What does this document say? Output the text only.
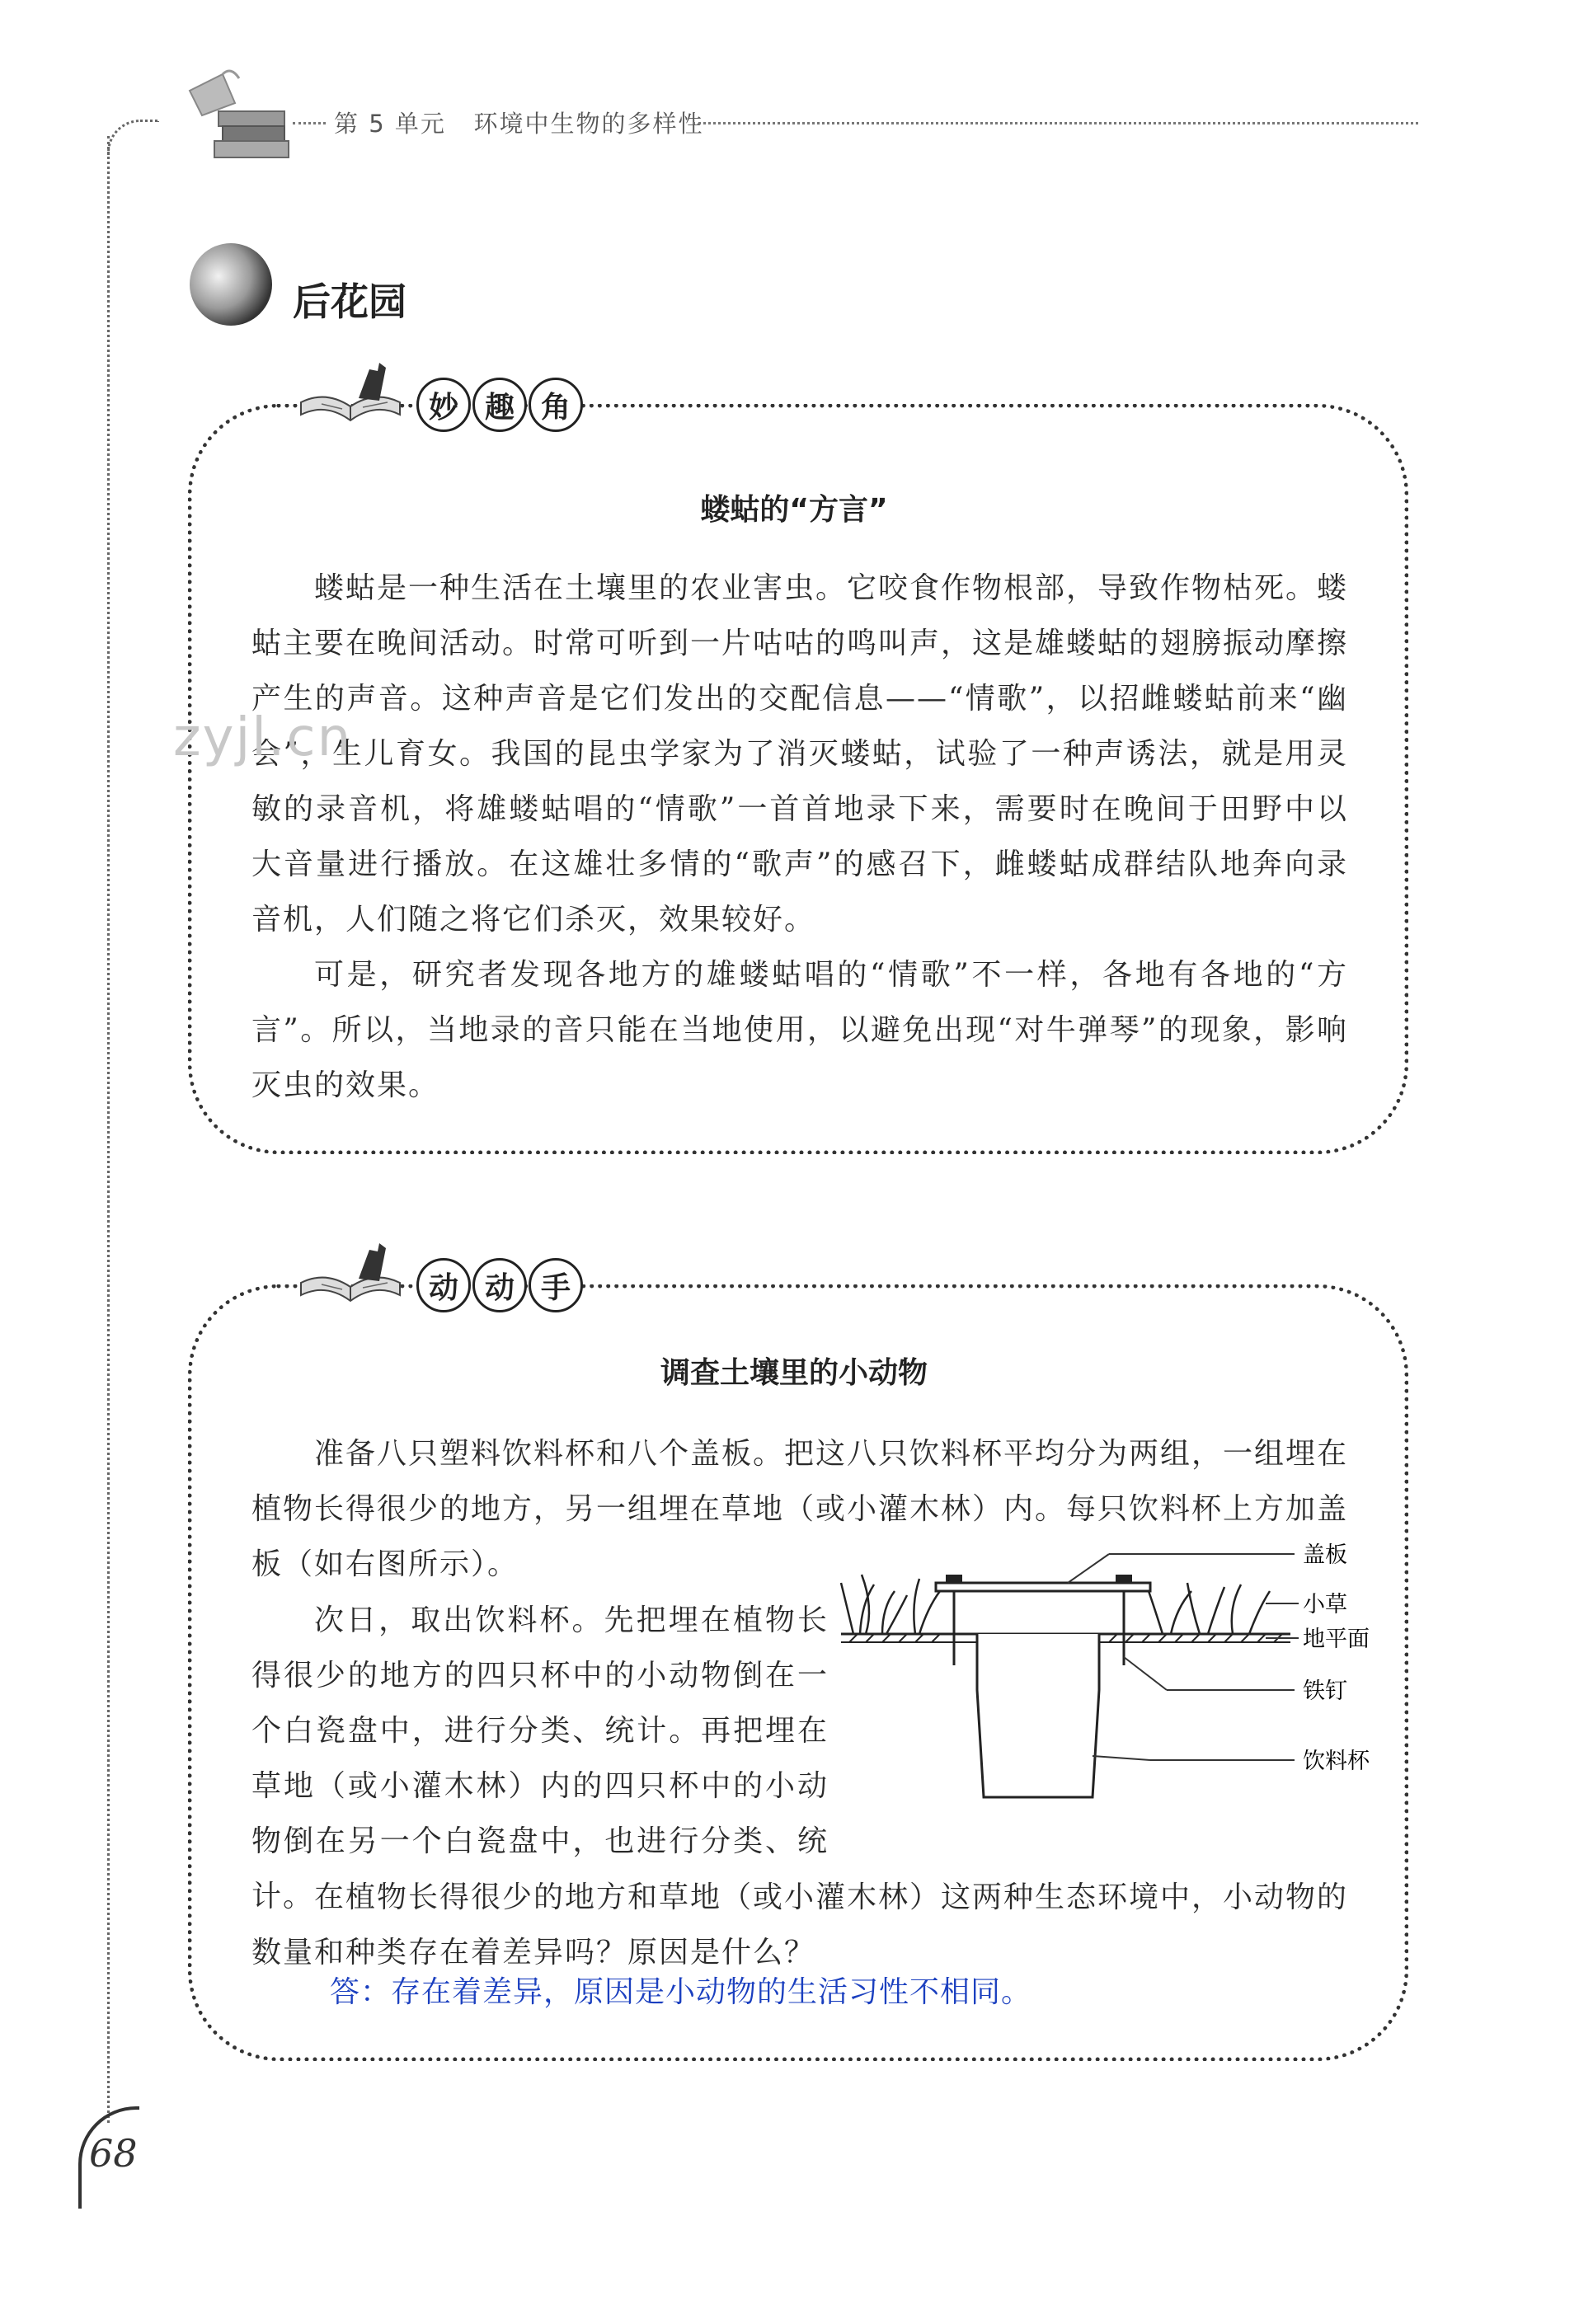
第 5 单元 环境中生物的多样性
后花园
妙 趣 角
蝼蛄的“方言”

蝼蛄是一种生活在土壤里的农业害虫。它咬食作物根部，导致作物枯死。蝼蛄主要在晚间活动。时常可听到一片咕咕的鸣叫声，这是雄蝼蛄的翅膀振动摩擦产生的声音。这种声音是它们发出的交配信息——“情歌”，以招雌蝼蛄前来“幽会”，生儿育女。我国的昆虫学家为了消灭蝼蛄，试验了一种声诱法，就是用灵敏的录音机，将雄蝼蛄唱的“情歌”一首首地录下来，需要时在晚间于田野中以大音量进行播放。在这雄壮多情的“歌声”的感召下，雌蝼蛄成群结队地奔向录音机，人们随之将它们杀灭，效果较好。

可是，研究者发现各地方的雄蝼蛄唱的“情歌”不一样，各地有各地的“方言”。所以，当地录的音只能在当地使用，以避免出现“对牛弹琴”的现象，影响灭虫的效果。

zyjl.cn
动 动 手
调查土壤里的小动物

准备八只塑料饮料杯和八个盖板。把这八只饮料杯平均分为两组，一组埋在植物长得很少的地方，另一组埋在草地（或小灌木林）内。每只饮料杯上方加盖板（如右图所示）。

次日，取出饮料杯。先把埋在植物长得很少的地方的四只杯中的小动物倒在一个白瓷盘中，进行分类、统计。再把埋在草地（或小灌木林）内的四只杯中的小动物倒在另一个白瓷盘中，也进行分类、统计。 在植物长得很少的地方和草地（或小灌木林）这两种生态环境中，小动物的数量和种类存在着差异吗？原因是什么？

答：存在着差异，原因是小动物的生活习性不相同。
盖板
小草
地平面
铁钉
饮料杯
68
